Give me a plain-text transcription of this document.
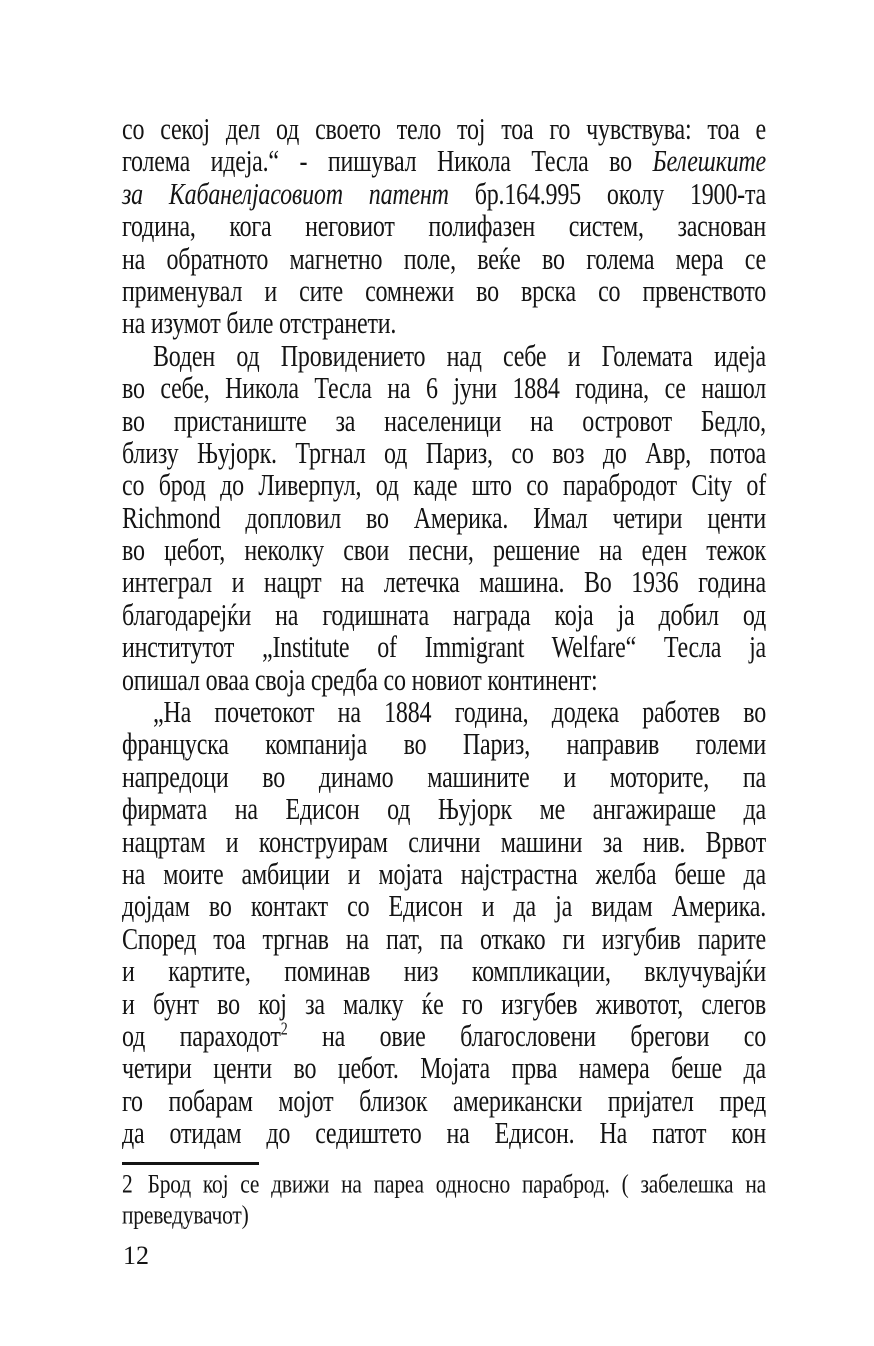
со секој дел од своето тело тој тоа го чувствува: тоа е
голема идеја.“ - пишувал Никола Тесла во Белешките
за Кабанелјасовиот патент бр.164.995 околу 1900-та
година, кога неговиот полифазен систем, заснован
на обратното магнетно поле, веќе во голема мера се
применувал и сите сомнежи во врска со првенството
на изумот биле отстранети.
Воден од Провидението над себе и Големата идеја
во себе, Никола Тесла на 6 јуни 1884 година, се нашол
во пристаниште за населеници на островот Бедло,
близу Њујорк. Тргнал од Париз, со воз до Авр, потоа
со брод до Ливерпул, од каде што со парабродот City of
Richmond допловил во Америка. Имал четири центи
во џебот, неколку свои песни, решение на еден тежок
интеграл и нацрт на летечка машина. Во 1936 година
благодарејќи на годишната награда која ја добил од
институтот „Institute of Immigrant Welfare“ Тесла ја
опишал оваа своја средба со новиот континент:
„На почетокот на 1884 година, додека работев во
француска компанија во Париз, направив големи
напредоци во динамо машините и моторите, па
фирмата на Едисон од Њујорк ме ангажираше да
нацртам и конструирам слични машини за нив. Врвот
на моите амбиции и мојата најстрастна желба беше да
дојдам во контакт со Едисон и да ја видам Америка.
Според тоа тргнав на пат, па откако ги изгубив парите
и картите, поминав низ компликации, вклучувајќи
и бунт во кој за малку ќе го изгубев животот, слегов
од параходот$^2$ на овие благословени брегови со
четири центи во џебот. Мојата прва намера беше да
го побарам мојот близок американски пријател пред
да отидам до седиштето на Едисон. На патот кон
2 Брод кој се движи на пареа односно параброд. ( забелешка на
преведувачот)
12
